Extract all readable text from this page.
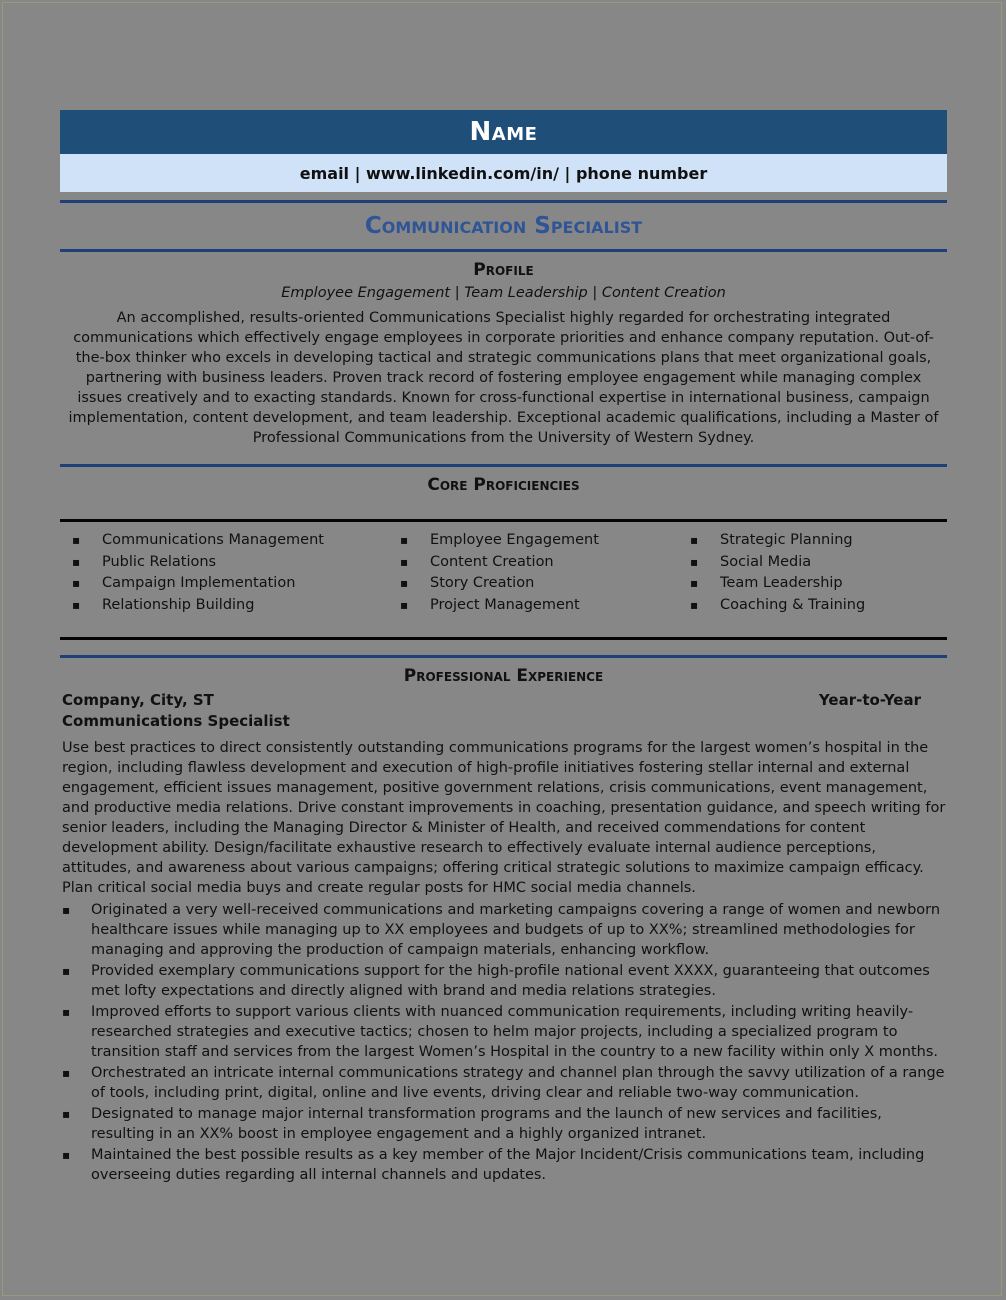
Name
email | www.linkedin.com/in/ | phone number
Communication Specialist
Profile
Employee Engagement | Team Leadership | Content Creation
An accomplished, results-oriented Communications Specialist highly regarded for orchestrating integrated communications which effectively engage employees in corporate priorities and enhance company reputation. Out-of-the-box thinker who excels in developing tactical and strategic communications plans that meet organizational goals, partnering with business leaders. Proven track record of fostering employee engagement while managing complex issues creatively and to exacting standards. Known for cross-functional expertise in international business, campaign implementation, content development, and team leadership. Exceptional academic qualifications, including a Master of Professional Communications from the University of Western Sydney.
Core Proficiencies
▪ Communications Management
▪ Public Relations
▪ Campaign Implementation
▪ Relationship Building
▪ Employee Engagement
▪ Content Creation
▪ Story Creation
▪ Project Management
▪ Strategic Planning
▪ Social Media
▪ Team Leadership
▪ Coaching & Training
Professional Experience
Company, City, ST	Year-to-Year
Communications Specialist
Use best practices to direct consistently outstanding communications programs for the largest women’s hospital in the region, including flawless development and execution of high-profile initiatives fostering stellar internal and external engagement, efficient issues management, positive government relations, crisis communications, event management, and productive media relations. Drive constant improvements in coaching, presentation guidance, and speech writing for senior leaders, including the Managing Director & Minister of Health, and received commendations for content development ability. Design/facilitate exhaustive research to effectively evaluate internal audience perceptions, attitudes, and awareness about various campaigns; offering critical strategic solutions to maximize campaign efficacy. Plan critical social media buys and create regular posts for HMC social media channels.
▪ Originated a very well-received communications and marketing campaigns covering a range of women and newborn healthcare issues while managing up to XX employees and budgets of up to XX%; streamlined methodologies for managing and approving the production of campaign materials, enhancing workflow.
▪ Provided exemplary communications support for the high-profile national event XXXX, guaranteeing that outcomes met lofty expectations and directly aligned with brand and media relations strategies.
▪ Improved efforts to support various clients with nuanced communication requirements, including writing heavily-researched strategies and executive tactics; chosen to helm major projects, including a specialized program to transition staff and services from the largest Women’s Hospital in the country to a new facility within only X months.
▪ Orchestrated an intricate internal communications strategy and channel plan through the savvy utilization of a range of tools, including print, digital, online and live events, driving clear and reliable two-way communication.
▪ Designated to manage major internal transformation programs and the launch of new services and facilities, resulting in an XX% boost in employee engagement and a highly organized intranet.
▪ Maintained the best possible results as a key member of the Major Incident/Crisis communications team, including overseeing duties regarding all internal channels and updates.
